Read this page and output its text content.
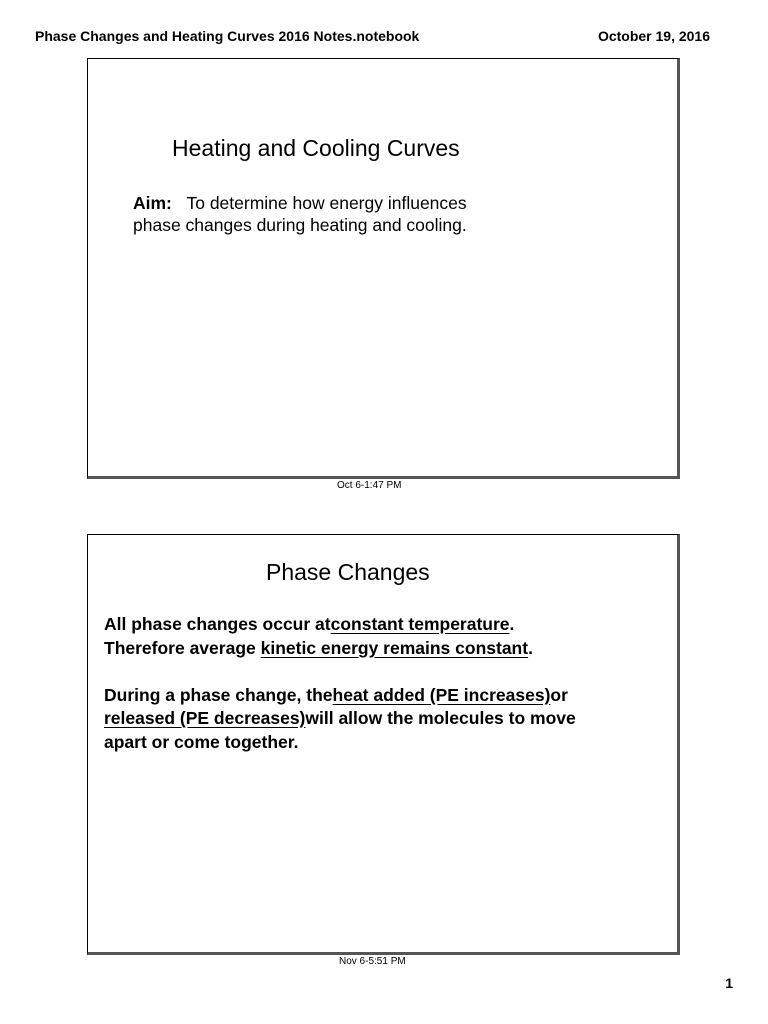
Phase Changes and Heating Curves 2016 Notes.notebook	October 19, 2016
Heating and Cooling Curves
Aim: To determine how energy influences
phase changes during heating and cooling.
Oct 6-1:47 PM
Phase Changes
All phase changes occur atconstant temperature.
Therefore average kinetic energy remains constant.
During a phase change, theheat added (PE increases)or
released (PE decreases)will allow the molecules to move
apart or come together.
Nov 6-5:51 PM
1
